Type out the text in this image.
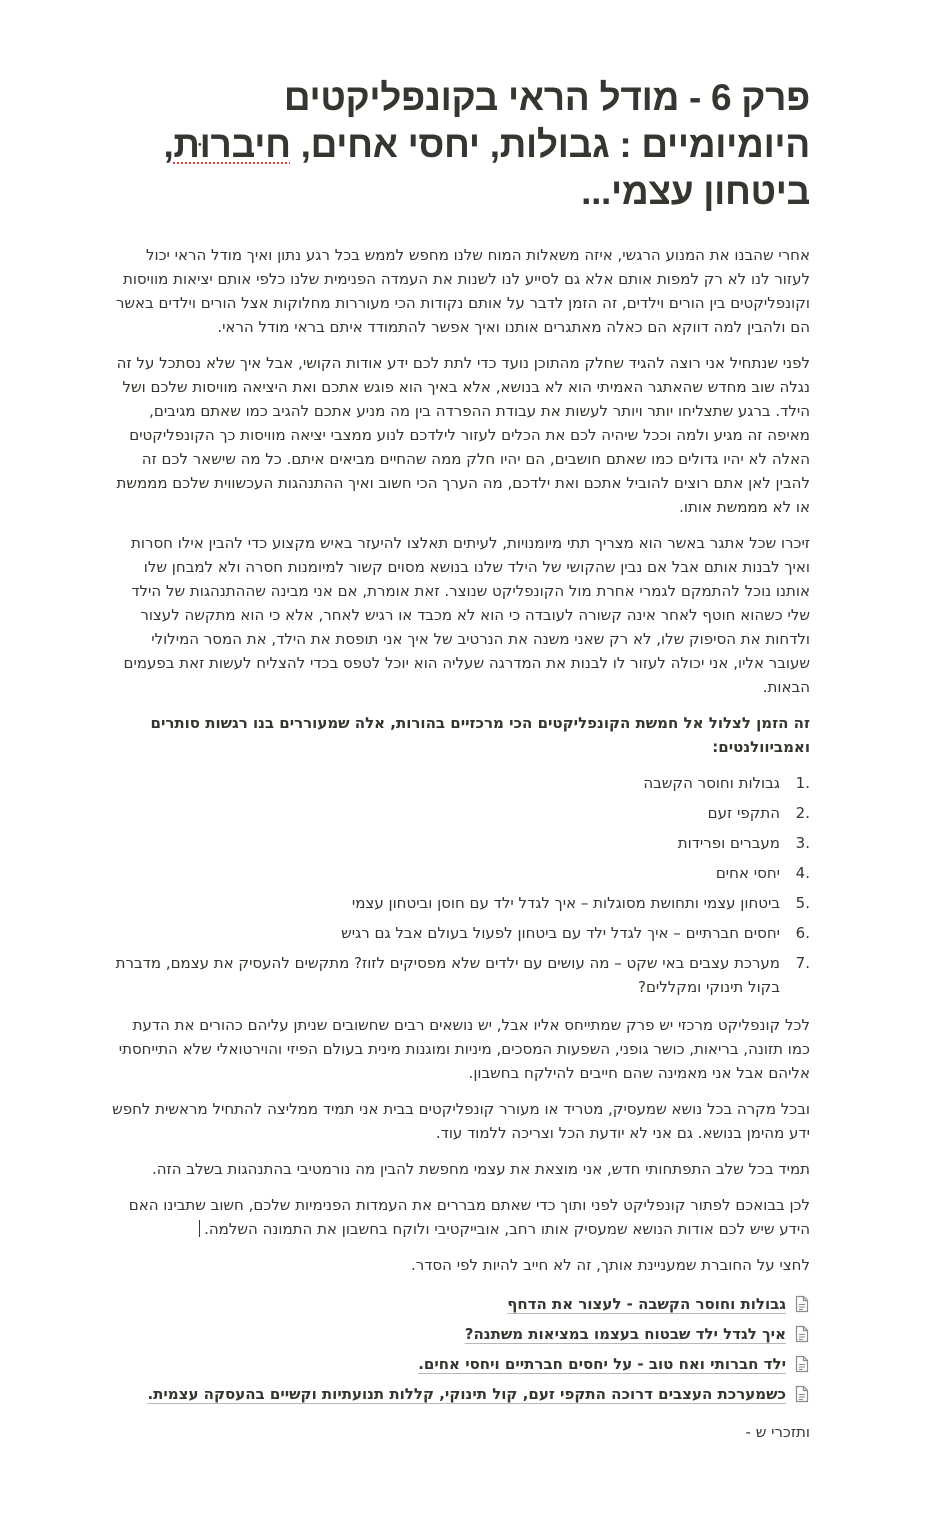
פרק 6 - מודל הראי בקונפליקטים היומיומיים : גבולות, יחסי אחים, חיברוּת, ביטחון עצמי...

אחרי שהבנו את המנוע הרגשי, איזה משאלות המוח שלנו מחפש לממש בכל רגע נתון ואיך מודל הראי יכול לעזור לנו לא רק למפות אותם אלא גם לסייע לנו לשנות את העמדה הפנימית שלנו כלפי אותם יציאות מוויסות וקונפליקטים בין הורים וילדים, זה הזמן לדבר על אותם נקודות הכי מעוררות מחלוקות אצל הורים וילדים באשר הם ולהבין למה דווקא הם כאלה מאתגרים אותנו ואיך אפשר להתמודד איתם בראי מודל הראי.

לפני שנתחיל אני רוצה להגיד שחלק מהתוכן נועד כדי לתת לכם ידע אודות הקושי, אבל איך שלא נסתכל על זה נגלה שוב מחדש שהאתגר האמיתי הוא לא בנושא, אלא באיך הוא פוגש אתכם ואת היציאה מוויסות שלכם ושל הילד. ברגע שתצליחו יותר ויותר לעשות את עבודת ההפרדה בין מה מניע אתכם להגיב כמו שאתם מגיבים, מאיפה זה מגיע ולמה וככל שיהיה לכם את הכלים לעזור לילדכם לנוע ממצבי יציאה מוויסות כך הקונפליקטים האלה לא יהיו גדולים כמו שאתם חושבים, הם יהיו חלק ממה שהחיים מביאים איתם. כל מה שישאר לכם זה להבין לאן אתם רוצים להוביל אתכם ואת ילדכם, מה הערך הכי חשוב ואיך ההתנהגות העכשווית שלכם מממשת או לא מממשת אותו.

זיכרו שכל אתגר באשר הוא מצריך תתי מיומנויות, לעיתים תאלצו להיעזר באיש מקצוע כדי להבין אילו חסרות ואיך לבנות אותם אבל אם נבין שהקושי של הילד שלנו בנושא מסוים קשור למיומנות חסרה ולא למבחן שלו אותנו נוכל להתמקם לגמרי אחרת מול הקונפליקט שנוצר. זאת אומרת, אם אני מבינה שההתנהגות של הילד שלי כשהוא חוטף לאחר אינה קשורה לעובדה כי הוא לא מכבד או רגיש לאחר, אלא כי הוא מתקשה לעצור ולדחות את הסיפוק שלו, לא רק שאני משנה את הנרטיב של איך אני תופסת את הילד, את המסר המילולי שעובר אליו, אני יכולה לעזור לו לבנות את המדרגה שעליה הוא יוכל לטפס בכדי להצליח לעשות זאת בפעמים הבאות.

זה הזמן לצלול אל חמשת הקונפליקטים הכי מרכזיים בהורות, אלה שמעוררים בנו רגשות סותרים ואמביוולנטים:

גבולות וחוסר הקשבה
התקפי זעם
מעברים ופרידות
יחסי אחים
ביטחון עצמי ותחושת מסוגלות – איך לגדל ילד עם חוסן וביטחון עצמי
יחסים חברתיים – איך לגדל ילד עם ביטחון לפעול בעולם אבל גם רגיש
מערכת עצבים באי שקט – מה עושים עם ילדים שלא מפסיקים לזוז? מתקשים להעסיק את עצמם, מדברת בקול תינוקי ומקללים?

לכל קונפליקט מרכזי יש פרק שמתייחס אליו אבל, יש נושאים רבים שחשובים שניתן עליהם כהורים את הדעת כמו תזונה, בריאות, כושר גופני, השפעות המסכים, מיניות ומוגנות מינית בעולם הפיזי והוירטואלי שלא התייחסתי אליהם אבל אני מאמינה שהם חייבים להילקח בחשבון.

ובכל מקרה בכל נושא שמעסיק, מטריד או מעורר קונפליקטים בבית אני תמיד ממליצה להתחיל מראשית לחפש ידע מהימן בנושא. גם אני לא יודעת הכל וצריכה ללמוד עוד.

תמיד בכל שלב התפתחותי חדש, אני מוצאת את עצמי מחפשת להבין מה נורמטיבי בהתנהגות בשלב הזה.

לכן בבואכם לפתור קונפליקט לפני ותוך כדי שאתם מבררים את העמדות הפנימיות שלכם, חשוב שתבינו האם הידע שיש לכם אודות הנושא שמעסיק אותו רחב, אובייקטיבי ולוקח בחשבון את התמונה השלמה.

לחצי על החוברת שמעניינת אותך, זה לא חייב להיות לפי הסדר.

גבולות וחוסר הקשבה - לעצור את הדחף
איך לגדל ילד שבטוח בעצמו במציאות משתנה?
ילד חברותי ואח טוב - על יחסים חברתיים ויחסי אחים.
כשמערכת העצבים דרוכה התקפי זעם, קול תינוקי, קללות תנועתיות וקשיים בהעסקה עצמית.
ותזכרי ש -
